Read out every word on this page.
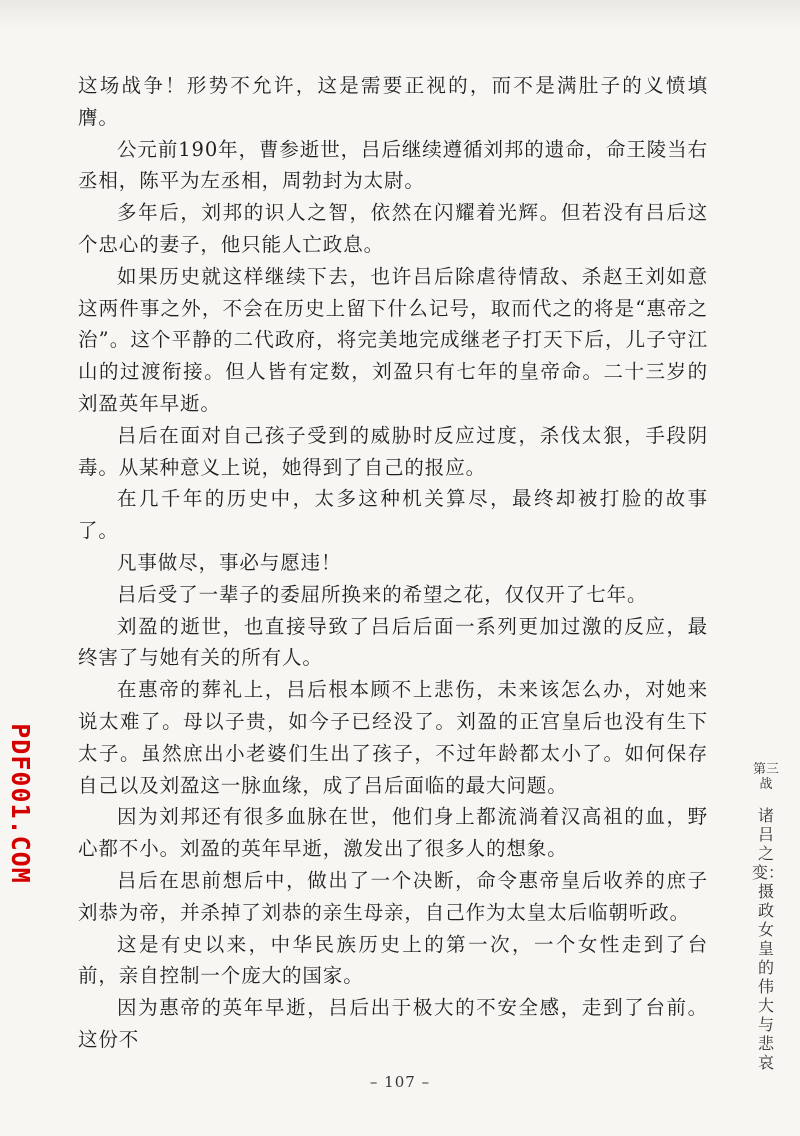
这场战争！形势不允许，这是需要正视的，而不是满肚子的义愤填膺。

公元前190年，曹参逝世，吕后继续遵循刘邦的遗命，命王陵当右丞相，陈平为左丞相，周勃封为太尉。

多年后，刘邦的识人之智，依然在闪耀着光辉。但若没有吕后这个忠心的妻子，他只能人亡政息。

如果历史就这样继续下去，也许吕后除虐待情敌、杀赵王刘如意这两件事之外，不会在历史上留下什么记号，取而代之的将是“惠帝之治”。这个平静的二代政府，将完美地完成继老子打天下后，儿子守江山的过渡衔接。但人皆有定数，刘盈只有七年的皇帝命。二十三岁的刘盈英年早逝。

吕后在面对自己孩子受到的威胁时反应过度，杀伐太狠，手段阴毒。从某种意义上说，她得到了自己的报应。

在几千年的历史中，太多这种机关算尽，最终却被打脸的故事了。

凡事做尽，事必与愿违！

吕后受了一辈子的委屈所换来的希望之花，仅仅开了七年。

刘盈的逝世，也直接导致了吕后后面一系列更加过激的反应，最终害了与她有关的所有人。

在惠帝的葬礼上，吕后根本顾不上悲伤，未来该怎么办，对她来说太难了。母以子贵，如今子已经没了。刘盈的正宫皇后也没有生下太子。虽然庶出小老婆们生出了孩子，不过年龄都太小了。如何保存自己以及刘盈这一脉血缘，成了吕后面临的最大问题。

因为刘邦还有很多血脉在世，他们身上都流淌着汉高祖的血，野心都不小。刘盈的英年早逝，激发出了很多人的想象。

吕后在思前想后中，做出了一个决断，命令惠帝皇后收养的庶子刘恭为帝，并杀掉了刘恭的亲生母亲，自己作为太皇太后临朝听政。

这是有史以来，中华民族历史上的第一次，一个女性走到了台前，亲自控制一个庞大的国家。

因为惠帝的英年早逝，吕后出于极大的不安全感，走到了台前。这份不

PDF001.COM	第三战
诸吕之变：摄政女皇的伟大与悲哀
– 107 –
